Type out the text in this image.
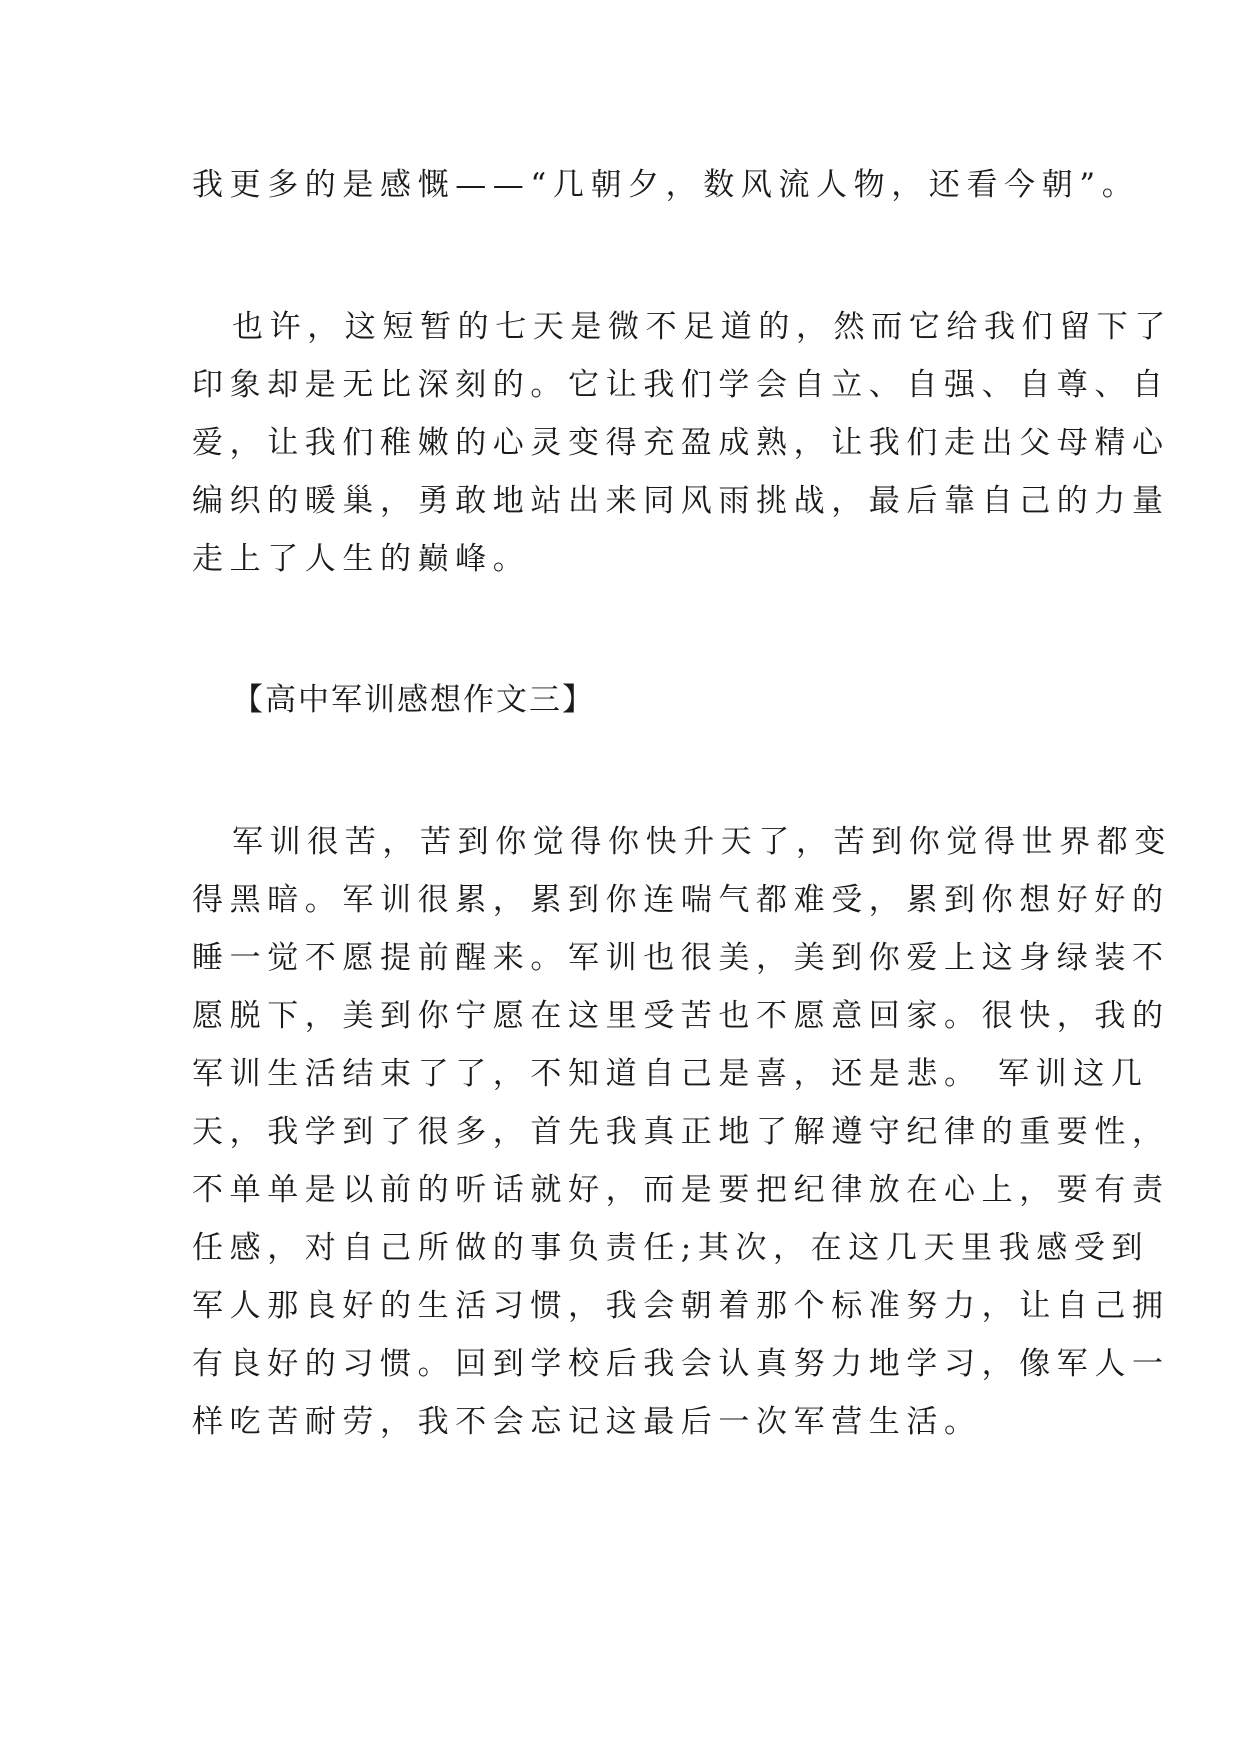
我更多的是感慨——“几朝夕，数风流人物，还看今朝”。
也许，这短暂的七天是微不足道的，然而它给我们留下了
印象却是无比深刻的。它让我们学会自立、自强、自尊、自
爱，让我们稚嫩的心灵变得充盈成熟，让我们走出父母精心
编织的暖巢，勇敢地站出来同风雨挑战，最后靠自己的力量
走上了人生的巅峰。
【高中军训感想作文三】
军训很苦，苦到你觉得你快升天了，苦到你觉得世界都变
得黑暗。军训很累，累到你连喘气都难受，累到你想好好的
睡一觉不愿提前醒来。军训也很美，美到你爱上这身绿装不
愿脱下，美到你宁愿在这里受苦也不愿意回家。很快，我的
军训生活结束了了，不知道自己是喜，还是悲。 军训这几
天，我学到了很多，首先我真正地了解遵守纪律的重要性，
不单单是以前的听话就好，而是要把纪律放在心上，要有责
任感，对自己所做的事负责任;其次，在这几天里我感受到
军人那良好的生活习惯，我会朝着那个标准努力，让自己拥
有良好的习惯。回到学校后我会认真努力地学习，像军人一
样吃苦耐劳，我不会忘记这最后一次军营生活。
